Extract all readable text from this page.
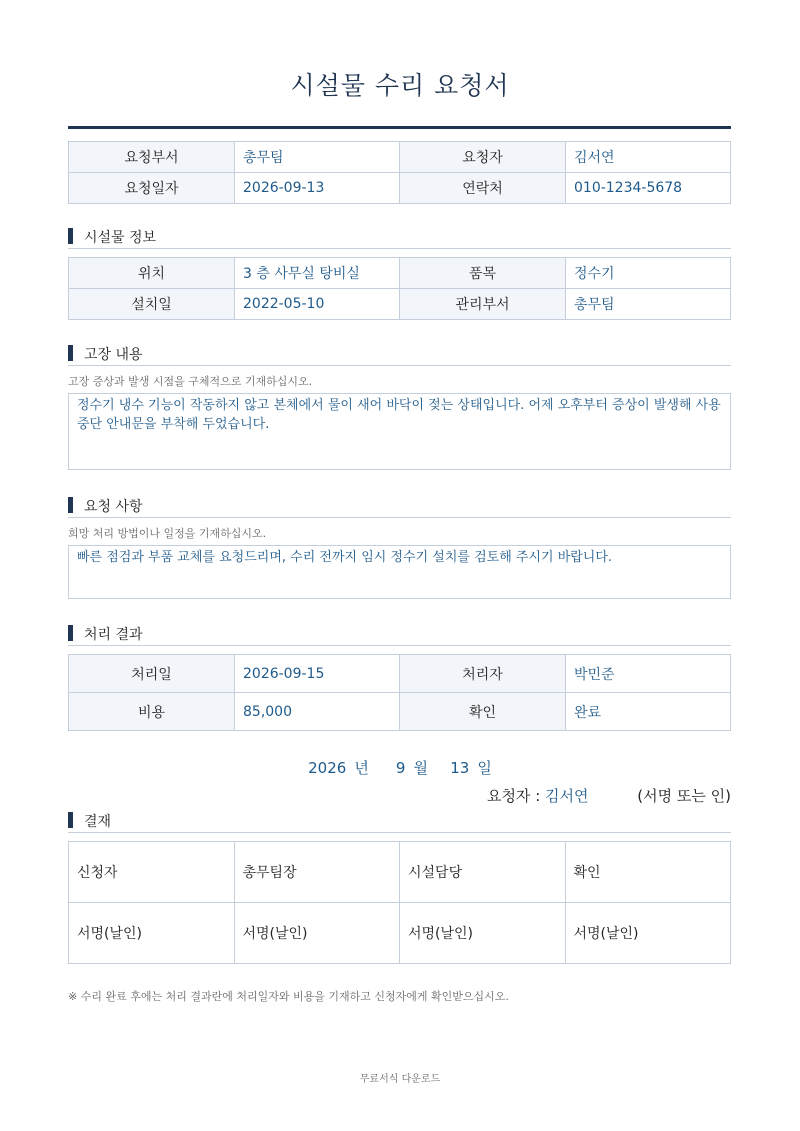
시설물 수리 요청서
요청부서	총무팀	요청자	김서연
요청일자	2026-09-13	연락처	010-1234-5678
시설물 정보
위치	3 층 사무실 탕비실	품목	정수기
설치일	2022-05-10	관리부서	총무팀
고장 내용
고장 증상과 발생 시점을 구체적으로 기재하십시오.
정수기 냉수 기능이 작동하지 않고 본체에서 물이 새어 바닥이 젖는 상태입니다. 어제 오후부터 증상이 발생해 사용 중단 안내문을 부착해 두었습니다.
요청 사항
희망 처리 방법이나 일정을 기재하십시오.
빠른 점검과 부품 교체를 요청드리며, 수리 전까지 임시 정수기 설치를 검토해 주시기 바랍니다.
처리 결과
처리일	2026-09-15	처리자	박민준
비용	85,000	확인	완료
2026 년 9 월 13 일
요청자 : 김서연	(서명 또는 인)
결재
신청자	총무팀장	시설담당	확인
서명(날인)	서명(날인)	서명(날인)	서명(날인)
※ 수리 완료 후에는 처리 결과란에 처리일자와 비용을 기재하고 신청자에게 확인받으십시오.
무료서식 다운로드
